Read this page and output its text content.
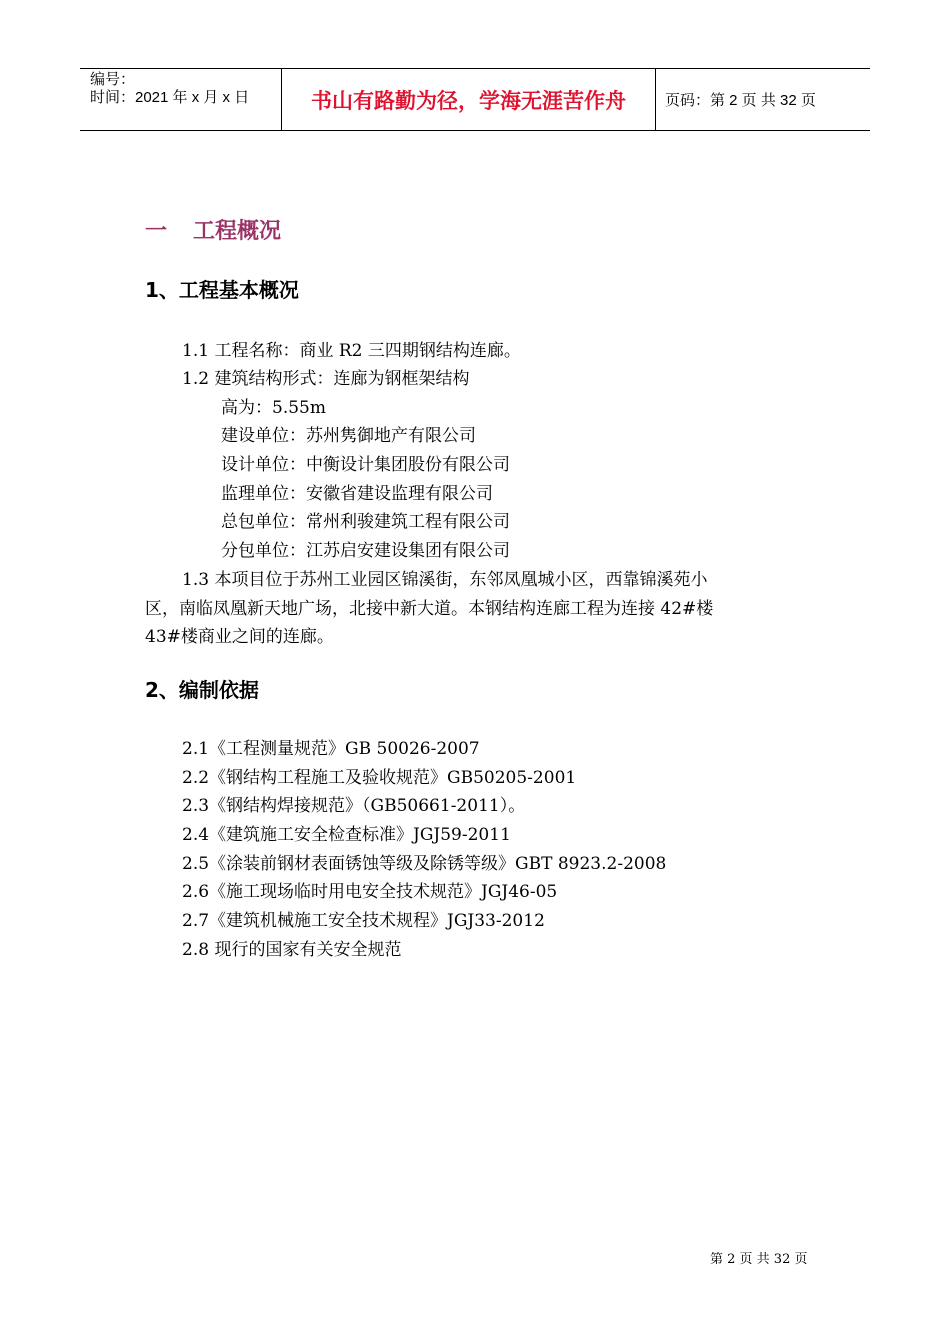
编号：
时间：2021 年 x 月 x 日	书山有路勤为径，学海无涯苦作舟	页码：第 2 页 共 32 页
一 工程概况
1、工程基本概况
1.1 工程名称：商业 R2 三四期钢结构连廊。
1.2 建筑结构形式：连廊为钢框架结构
高为：5.55m
建设单位：苏州隽御地产有限公司
设计单位：中衡设计集团股份有限公司
监理单位：安徽省建设监理有限公司
总包单位：常州利骏建筑工程有限公司
分包单位：江苏启安建设集团有限公司
1.3 本项目位于苏州工业园区锦溪街，东邻凤凰城小区，西靠锦溪苑小
区，南临凤凰新天地广场，北接中新大道。本钢结构连廊工程为连接 42#楼
43#楼商业之间的连廊。
2、编制依据
2.1《工程测量规范》GB 50026-2007
2.2《钢结构工程施工及验收规范》GB50205-2001
2.3《钢结构焊接规范》（GB50661-2011）。
2.4《建筑施工安全检查标准》JGJ59-2011
2.5《涂装前钢材表面锈蚀等级及除锈等级》GBT 8923.2-2008
2.6《施工现场临时用电安全技术规范》JGJ46-05
2.7《建筑机械施工安全技术规程》JGJ33-2012
2.8 现行的国家有关安全规范
第 2 页 共 32 页
